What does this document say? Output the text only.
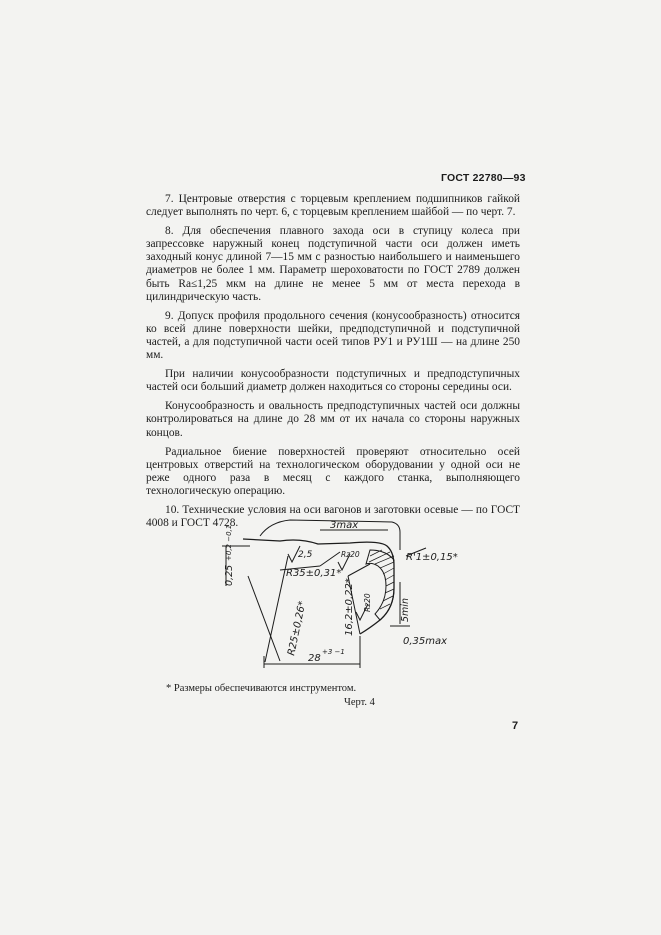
ГОСТ 22780—93

7. Центровые отверстия с торцевым креплением подшипников гайкой следует выполнять по черт. 6, с торцевым креплением шайбой — по черт. 7.

8. Для обеспечения плавного захода оси в ступицу колеса при запрессовке наружный конец подступичной части оси должен иметь заходный конус длиной 7—15 мм с разностью наибольшего и наименьшего диаметров не более 1 мм. Параметр шероховатости по ГОСТ 2789 должен быть Ra≤1,25 мкм на длине не менее 5 мм от места перехода в цилиндрическую часть.

9. Допуск профиля продольного сечения (конусообразность) относится ко всей длине поверхности шейки, предподступичной и подступичной частей, а для подступичной части осей типов РУ1 и РУ1Ш — на длине 250 мм.

При наличии конусообразности подступичных и предподступичных частей оси больший диаметр должен находиться со стороны середины оси.

Конусообразность и овальность предподступичных частей оси должны контролироваться на длине до 28 мм от их начала со стороны наружных концов.

Радиальное биение поверхностей проверяют относительно осей центровых отверстий на технологическом оборудовании у одной оси не реже одного раза в месяц с каждого станка, выполняющего технологическую операцию.

10. Технические условия на оси вагонов и заготовки осевые — по ГОСТ 4008 и ГОСТ 4728.	3max
R'1±0,15*
0,25
+0,2 −0,1	2,5	Rz20
R35±0,31*
R25±0,26*	16,2±0,22* Rz20	5min
0,35max
28
+3 −1
* Размеры обеспечиваются инструментом.
Черт. 4
7
